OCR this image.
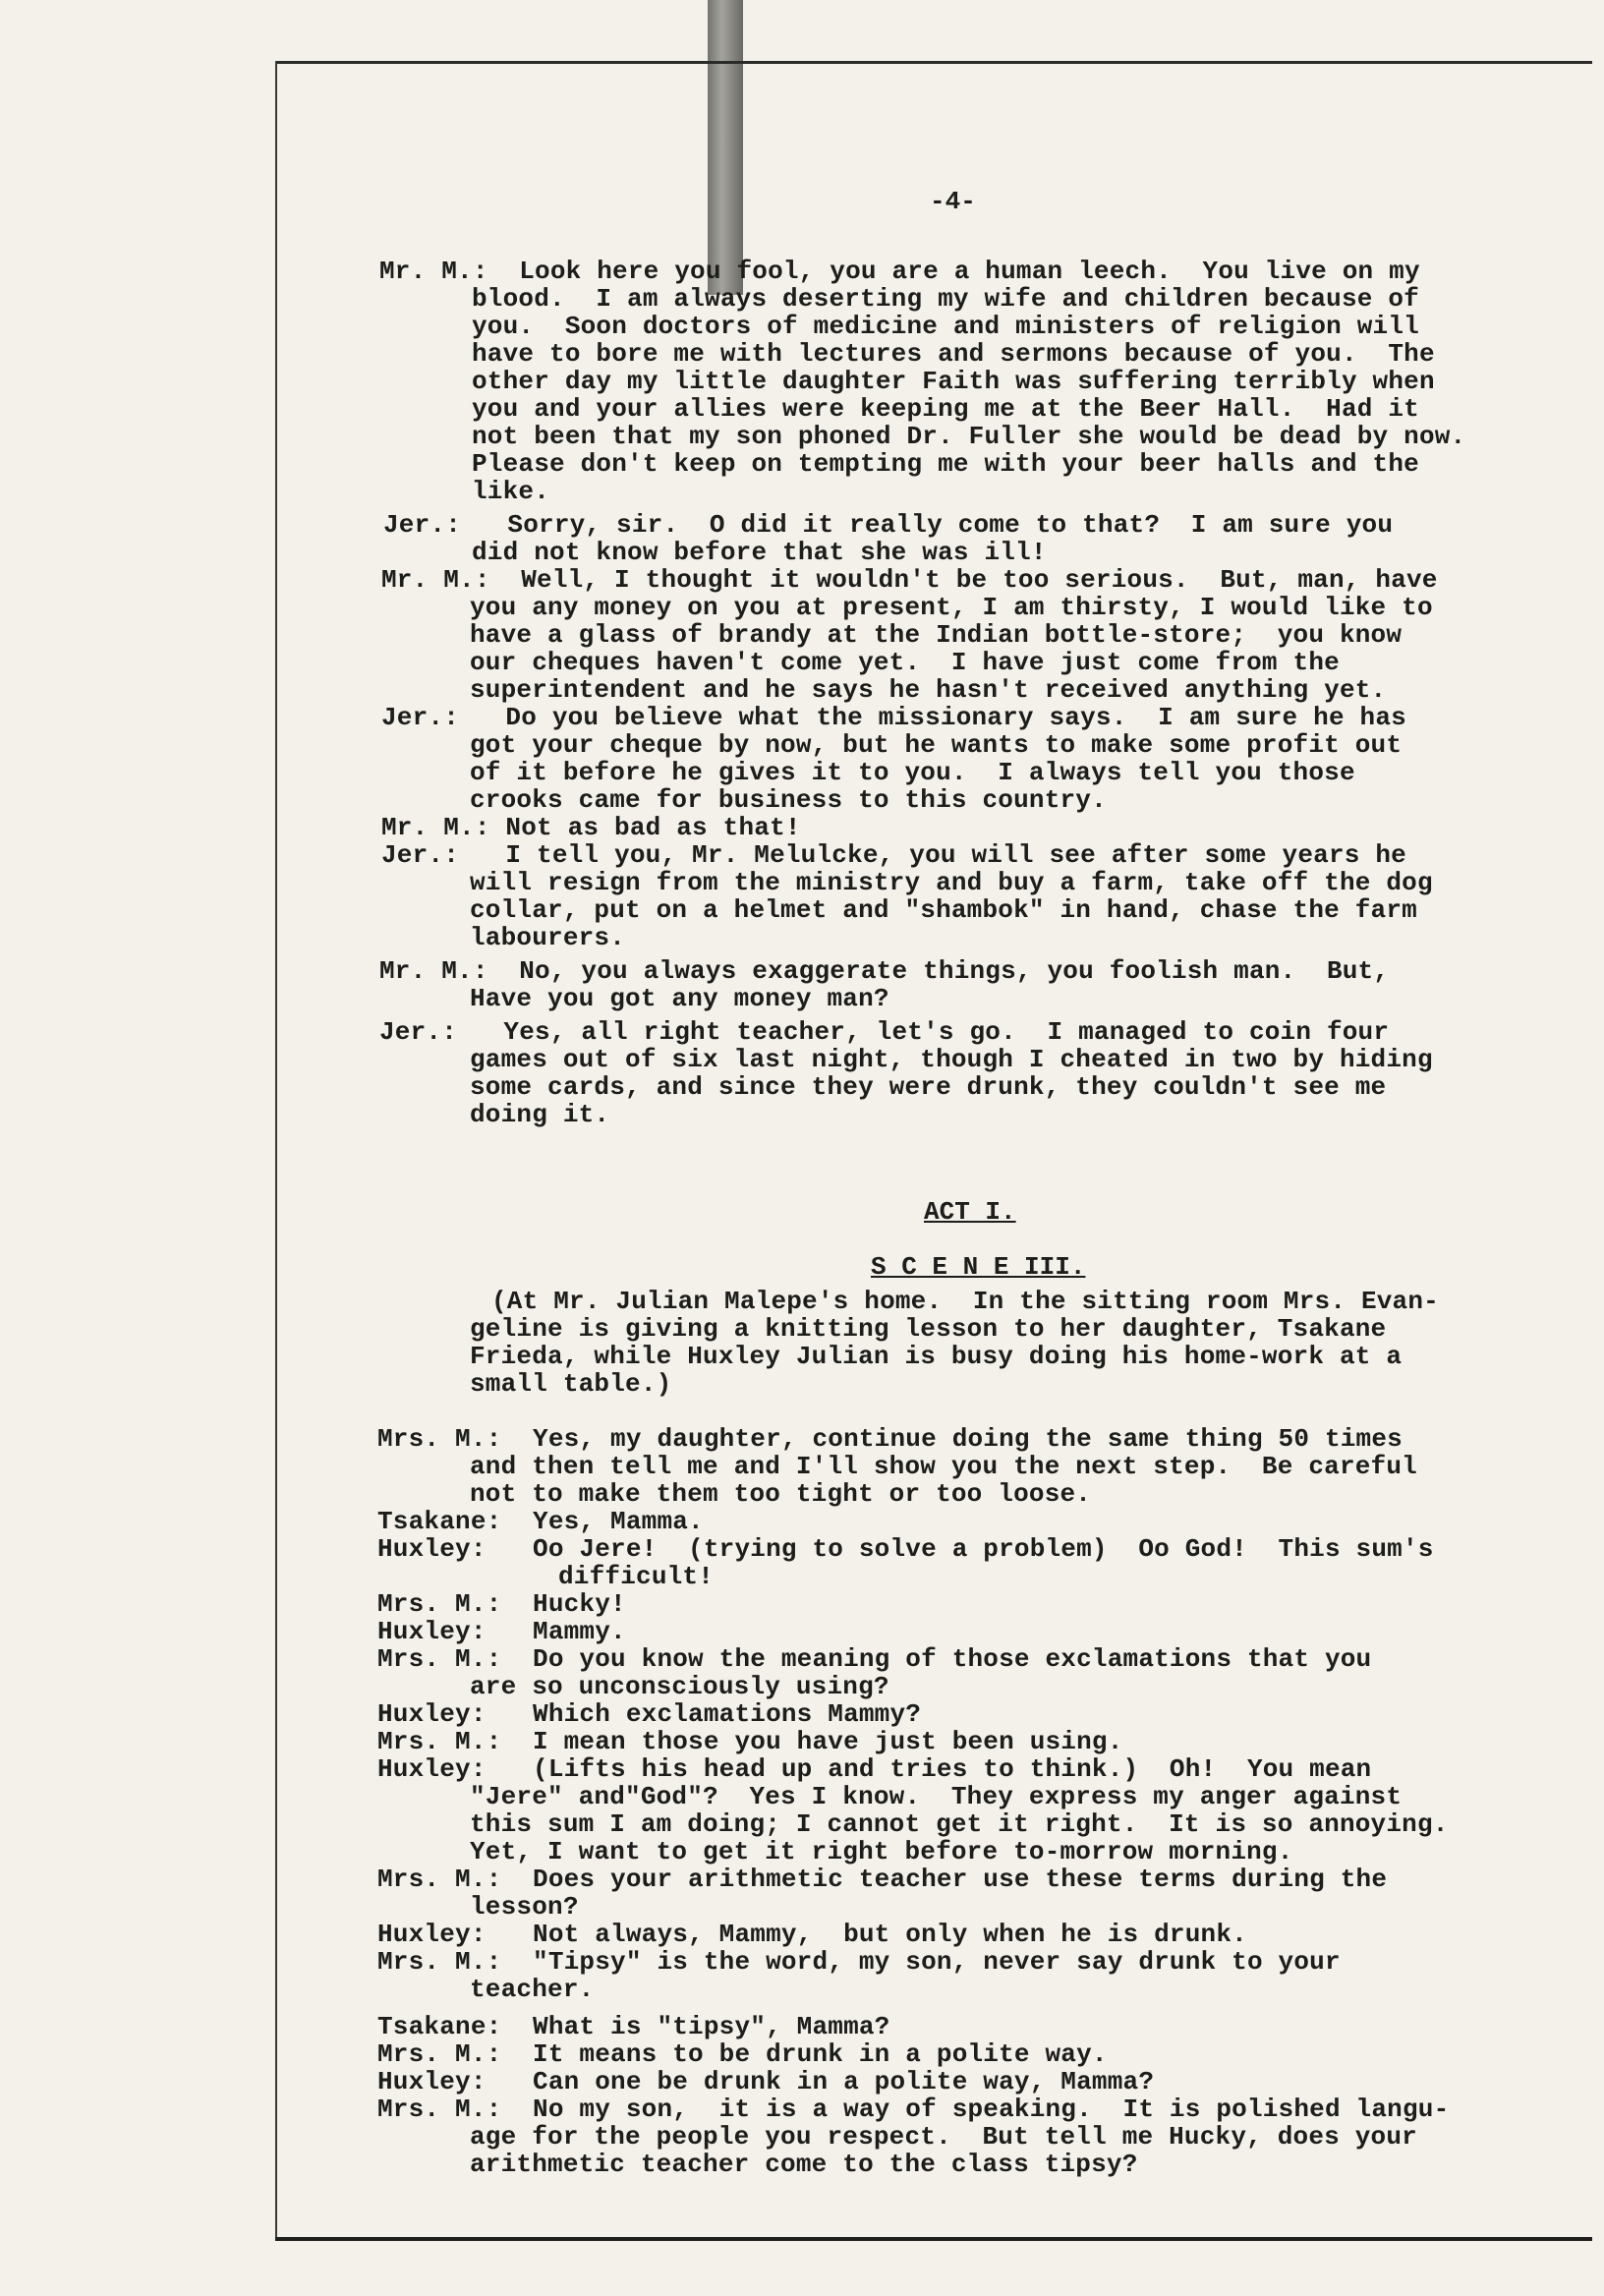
-4-
ACT I.
S C E N E III.
Mr. M.:  Look here you fool, you are a human leech.  You live on my
blood.  I am always deserting my wife and children because of
you.  Soon doctors of medicine and ministers of religion will
have to bore me with lectures and sermons because of you.  The
other day my little daughter Faith was suffering terribly when
you and your allies were keeping me at the Beer Hall.  Had it
not been that my son phoned Dr. Fuller she would be dead by now.
Please don't keep on tempting me with your beer halls and the
like.
Jer.:   Sorry, sir.  O did it really come to that?  I am sure you
did not know before that she was ill!
Mr. M.:  Well, I thought it wouldn't be too serious.  But, man, have
you any money on you at present, I am thirsty, I would like to
have a glass of brandy at the Indian bottle-store;  you know
our cheques haven't come yet.  I have just come from the
superintendent and he says he hasn't received anything yet.
Jer.:   Do you believe what the missionary says.  I am sure he has
got your cheque by now, but he wants to make some profit out
of it before he gives it to you.  I always tell you those
crooks came for business to this country.
Mr. M.: Not as bad as that!
Jer.:   I tell you, Mr. Melulcke, you will see after some years he
will resign from the ministry and buy a farm, take off the dog
collar, put on a helmet and "shambok" in hand, chase the farm
labourers.
Mr. M.:  No, you always exaggerate things, you foolish man.  But,
Have you got any money man?
Jer.:   Yes, all right teacher, let's go.  I managed to coin four
games out of six last night, though I cheated in two by hiding
some cards, and since they were drunk, they couldn't see me
doing it.
(At Mr. Julian Malepe's home.  In the sitting room Mrs. Evan-
geline is giving a knitting lesson to her daughter, Tsakane
Frieda, while Huxley Julian is busy doing his home-work at a
small table.)
Mrs. M.:  Yes, my daughter, continue doing the same thing 50 times
and then tell me and I'll show you the next step.  Be careful
not to make them too tight or too loose.
Tsakane:  Yes, Mamma.
Huxley:   Oo Jere!  (trying to solve a problem)  Oo God!  This sum's
difficult!
Mrs. M.:  Hucky!
Huxley:   Mammy.
Mrs. M.:  Do you know the meaning of those exclamations that you
are so unconsciously using?
Huxley:   Which exclamations Mammy?
Mrs. M.:  I mean those you have just been using.
Huxley:   (Lifts his head up and tries to think.)  Oh!  You mean
"Jere" and"God"?  Yes I know.  They express my anger against
this sum I am doing; I cannot get it right.  It is so annoying.
Yet, I want to get it right before to-morrow morning.
Mrs. M.:  Does your arithmetic teacher use these terms during the
lesson?
Huxley:   Not always, Mammy,  but only when he is drunk.
Mrs. M.:  "Tipsy" is the word, my son, never say drunk to your
teacher.
Tsakane:  What is "tipsy", Mamma?
Mrs. M.:  It means to be drunk in a polite way.
Huxley:   Can one be drunk in a polite way, Mamma?
Mrs. M.:  No my son,  it is a way of speaking.  It is polished langu-
age for the people you respect.  But tell me Hucky, does your
arithmetic teacher come to the class tipsy?
